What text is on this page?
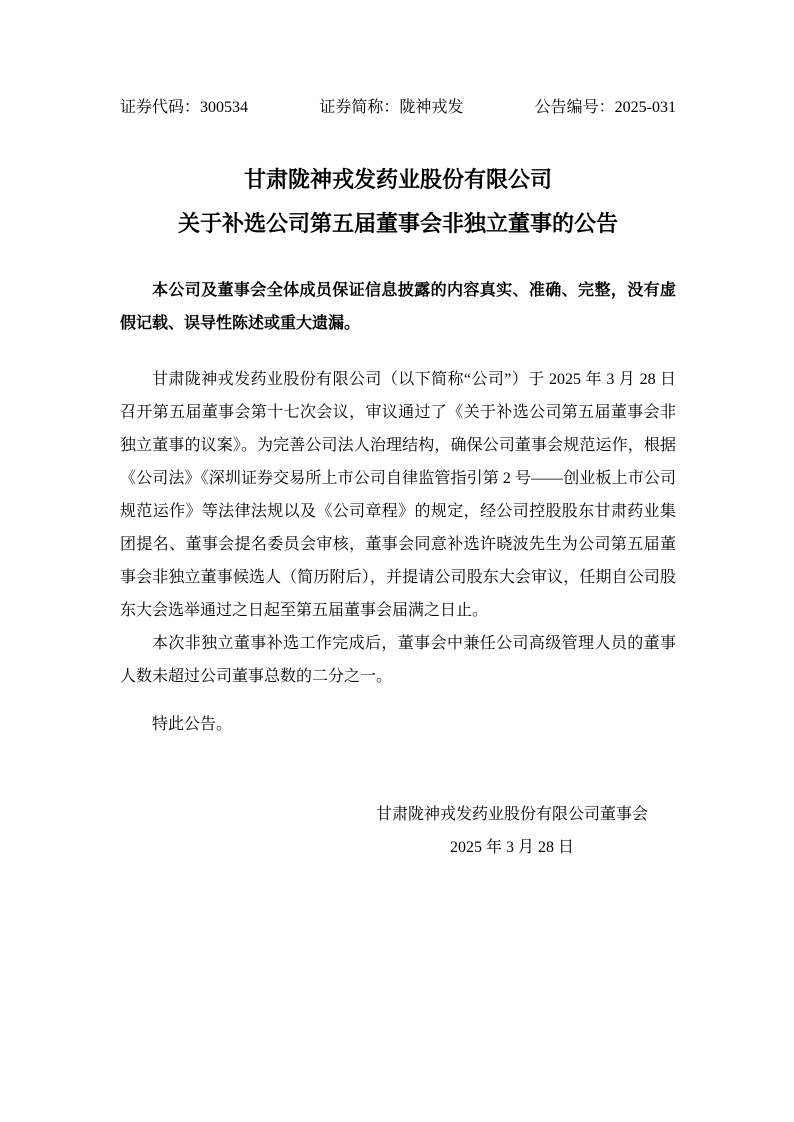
证券代码：300534	证券简称：陇神戎发	公告编号：2025-031
甘肃陇神戎发药业股份有限公司
关于补选公司第五届董事会非独立董事的公告

本公司及董事会全体成员保证信息披露的内容真实、准确、完整，没有虚假记载、误导性陈述或重大遗漏。

甘肃陇神戎发药业股份有限公司（以下简称“公司”）于 2025 年 3 月 28 日召开第五届董事会第十七次会议，审议通过了《关于补选公司第五届董事会非独立董事的议案》。为完善公司法人治理结构，确保公司董事会规范运作，根据《公司法》《深圳证券交易所上市公司自律监管指引第 2 号——创业板上市公司规范运作》等法律法规以及《公司章程》的规定，经公司控股股东甘肃药业集团提名、董事会提名委员会审核，董事会同意补选许晓波先生为公司第五届董事会非独立董事候选人（简历附后），并提请公司股东大会审议，任期自公司股东大会选举通过之日起至第五届董事会届满之日止。

本次非独立董事补选工作完成后，董事会中兼任公司高级管理人员的董事人数未超过公司董事总数的二分之一。

特此公告。

甘肃陇神戎发药业股份有限公司董事会
2025 年 3 月 28 日
